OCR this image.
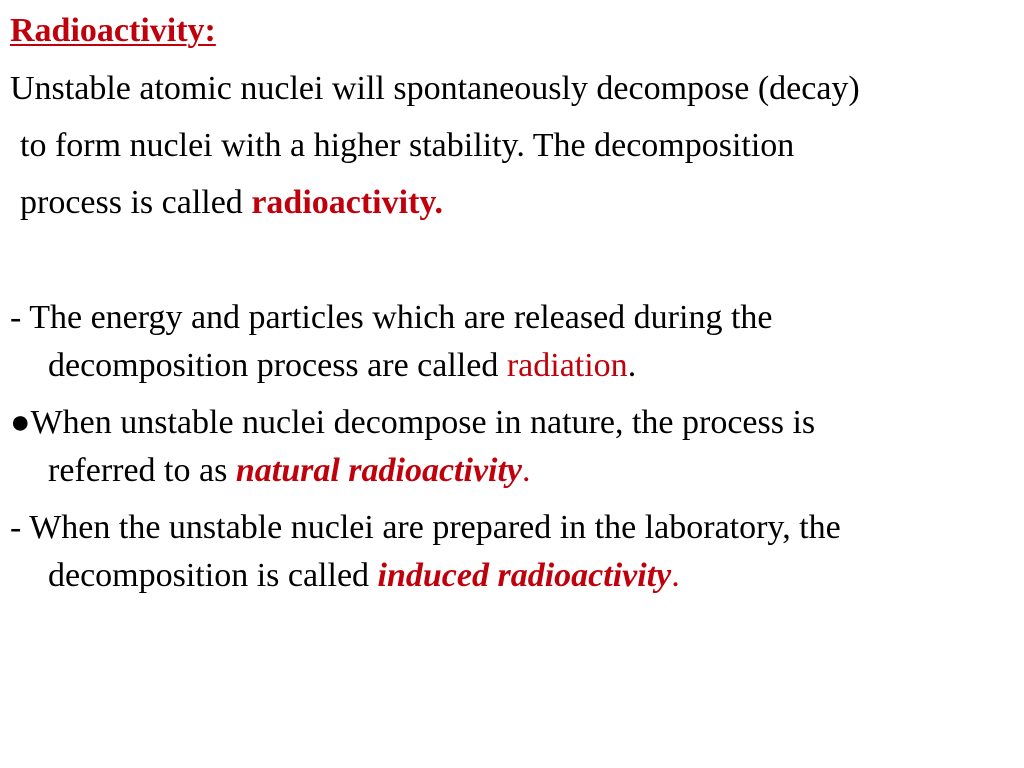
Radioactivity:
Unstable atomic nuclei will spontaneously decompose (decay)
to form nuclei with a higher stability. The decomposition
process is called radioactivity.
- The energy and particles which are released during the
decomposition process are called radiation.
●When unstable nuclei decompose in nature, the process is
referred to as natural radioactivity.
- When the unstable nuclei are prepared in the laboratory, the
decomposition is called induced radioactivity.
